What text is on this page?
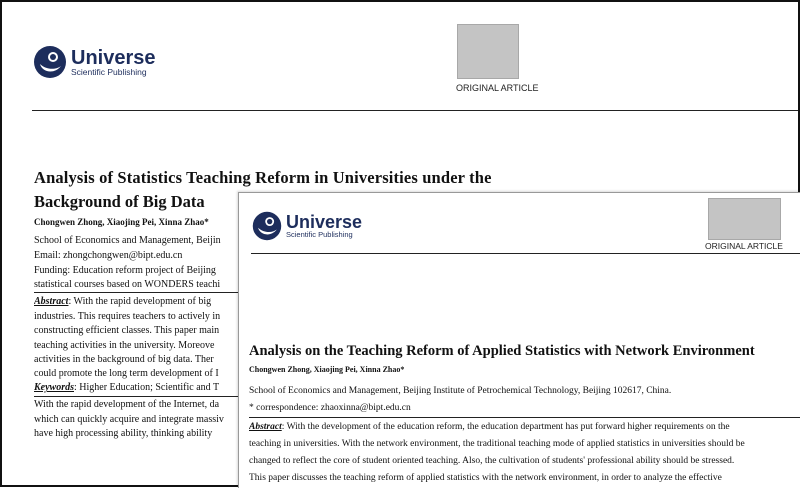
Universe
Scientific Publishing
ORIGINAL ARTICLE
Analysis of Statistics Teaching Reform in Universities under the
Background of Big Data
Chongwen Zhong, Xiaojing Pei, Xinna Zhao*
School of Economics and Management, Beijin
Email: zhongchongwen@bipt.edu.cn
Funding: Education reform project of Beijing
statistical courses based on WONDERS teachi
Abstract: With the rapid development of big
industries. This requires teachers to actively in
constructing efficient classes. This paper main
teaching activities in the university. Moreove
activities in the background of big data. Ther
could promote the long term development of I
Keywords: Higher Education; Scientific and T
With the rapid development of the Internet, da
which can quickly acquire and integrate massiv
have high processing ability, thinking ability
Universe
Scientific Publishing
ORIGINAL ARTICLE
Analysis on the Teaching Reform of Applied Statistics with Network Environment
Chongwen Zhong, Xiaojing Pei, Xinna Zhao*
School of Economics and Management, Beijing Institute of Petrochemical Technology, Beijing 102617, China.
* correspondence: zhaoxinna@bipt.edu.cn
Abstract: With the development of the education reform, the education department has put forward higher requirements on the
teaching in universities. With the network environment, the traditional teaching mode of applied statistics in universities should be
changed to reflect the core of student oriented teaching. Also, the cultivation of students' professional ability should be stressed.
This paper discusses the teaching reform of applied statistics with the network environment, in order to analyze the effective
